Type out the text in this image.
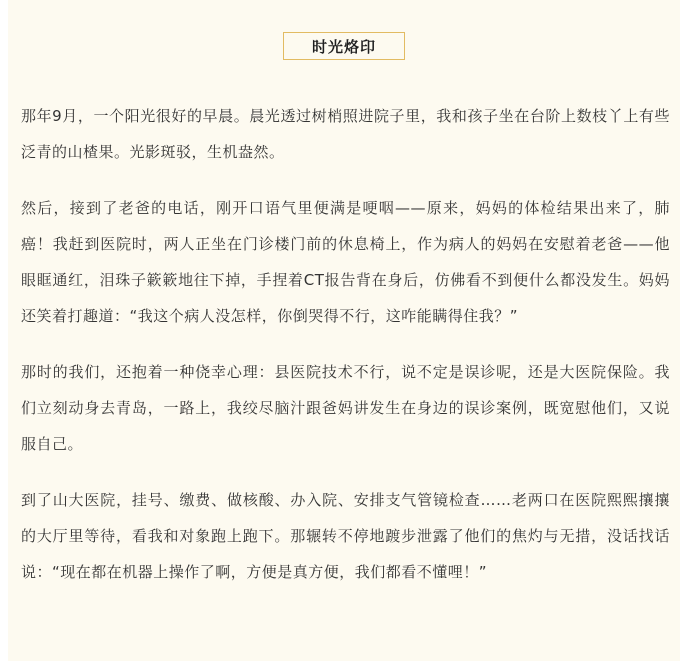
时光烙印

那年9月，一个阳光很好的早晨。晨光透过树梢照进院子里，我和孩子坐在台阶上数枝丫上有些泛青的山楂果。光影斑驳，生机盎然。

然后，接到了老爸的电话，刚开口语气里便满是哽咽——原来，妈妈的体检结果出来了，肺癌！我赶到医院时，两人正坐在门诊楼门前的休息椅上，作为病人的妈妈在安慰着老爸——他眼眶通红，泪珠子簌簌地往下掉，手捏着CT报告背在身后，仿佛看不到便什么都没发生。妈妈还笑着打趣道：“我这个病人没怎样，你倒哭得不行，这咋能瞒得住我？”

那时的我们，还抱着一种侥幸心理：县医院技术不行，说不定是误诊呢，还是大医院保险。我们立刻动身去青岛，一路上，我绞尽脑汁跟爸妈讲发生在身边的误诊案例，既宽慰他们，又说服自己。

到了山大医院，挂号、缴费、做核酸、办入院、安排支气管镜检查……老两口在医院熙熙攘攘的大厅里等待，看我和对象跑上跑下。那辗转不停地踱步泄露了他们的焦灼与无措，没话找话说：“现在都在机器上操作了啊，方便是真方便，我们都看不懂哩！”
